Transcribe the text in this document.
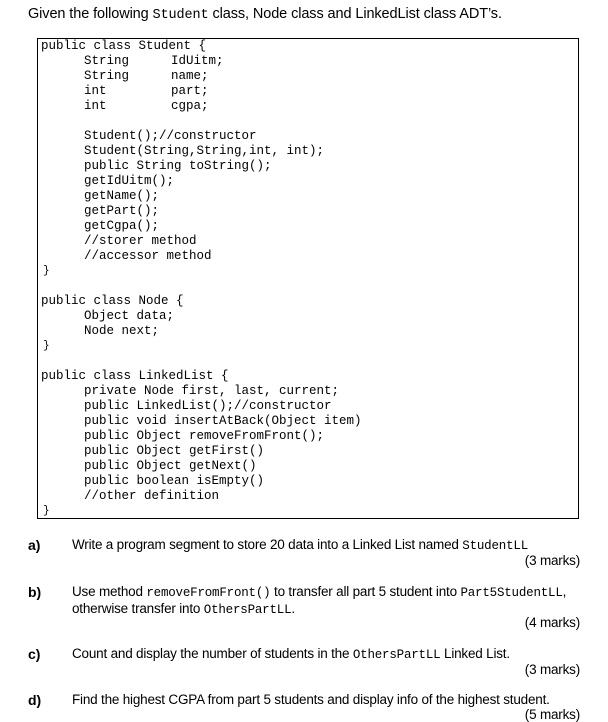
Given the following Student class, Node class and LinkedList class ADT’s.
public class Student {
String	IdUitm;
String	name;
int	part;
int	cgpa;
Student();//constructor
Student(String,String,int, int);
public String toString();
getIdUitm();
getName();
getPart();
getCgpa();
//storer method
//accessor method
}
public class Node {
Object data;
Node next;
}
public class LinkedList {
private Node first, last, current;
public LinkedList();//constructor
public void insertAtBack(Object item)
public Object removeFromFront();
public Object getFirst()
public Object getNext()
public boolean isEmpty()
//other definition
}
a) Write a program segment to store 20 data into a Linked List named StudentLL
(3 marks)
b) Use method removeFromFront() to transfer all part 5 student into Part5StudentLL, otherwise transfer into OthersPartLL.
(4 marks)
c) Count and display the number of students in the OthersPartLL Linked List.
(3 marks)
d) Find the highest CGPA from part 5 students and display info of the highest student.
(5 marks)
